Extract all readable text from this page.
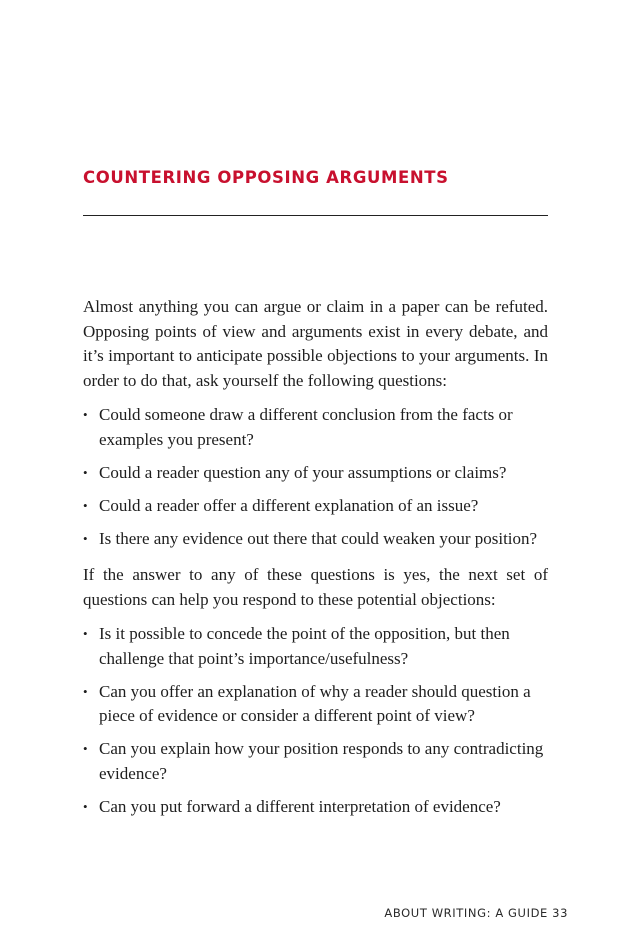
COUNTERING OPPOSING ARGUMENTS

Almost anything you can argue or claim in a paper can be refuted. Opposing points of view and arguments exist in every debate, and it’s important to anticipate possible objections to your arguments. In order to do that, ask yourself the following questions:

• Could someone draw a different conclusion from the facts or examples you present?
• Could a reader question any of your assumptions or claims?
• Could a reader offer a different explanation of an issue?
• Is there any evidence out there that could weaken your position?

If the answer to any of these questions is yes, the next set of questions can help you respond to these potential objections:

• Is it possible to concede the point of the opposition, but then challenge that point’s importance/usefulness?
• Can you offer an explanation of why a reader should question a piece of evidence or consider a different point of view?
• Can you explain how your position responds to any contradicting evidence?
• Can you put forward a different interpretation of evidence?
ABOUT WRITING: A GUIDE 33
